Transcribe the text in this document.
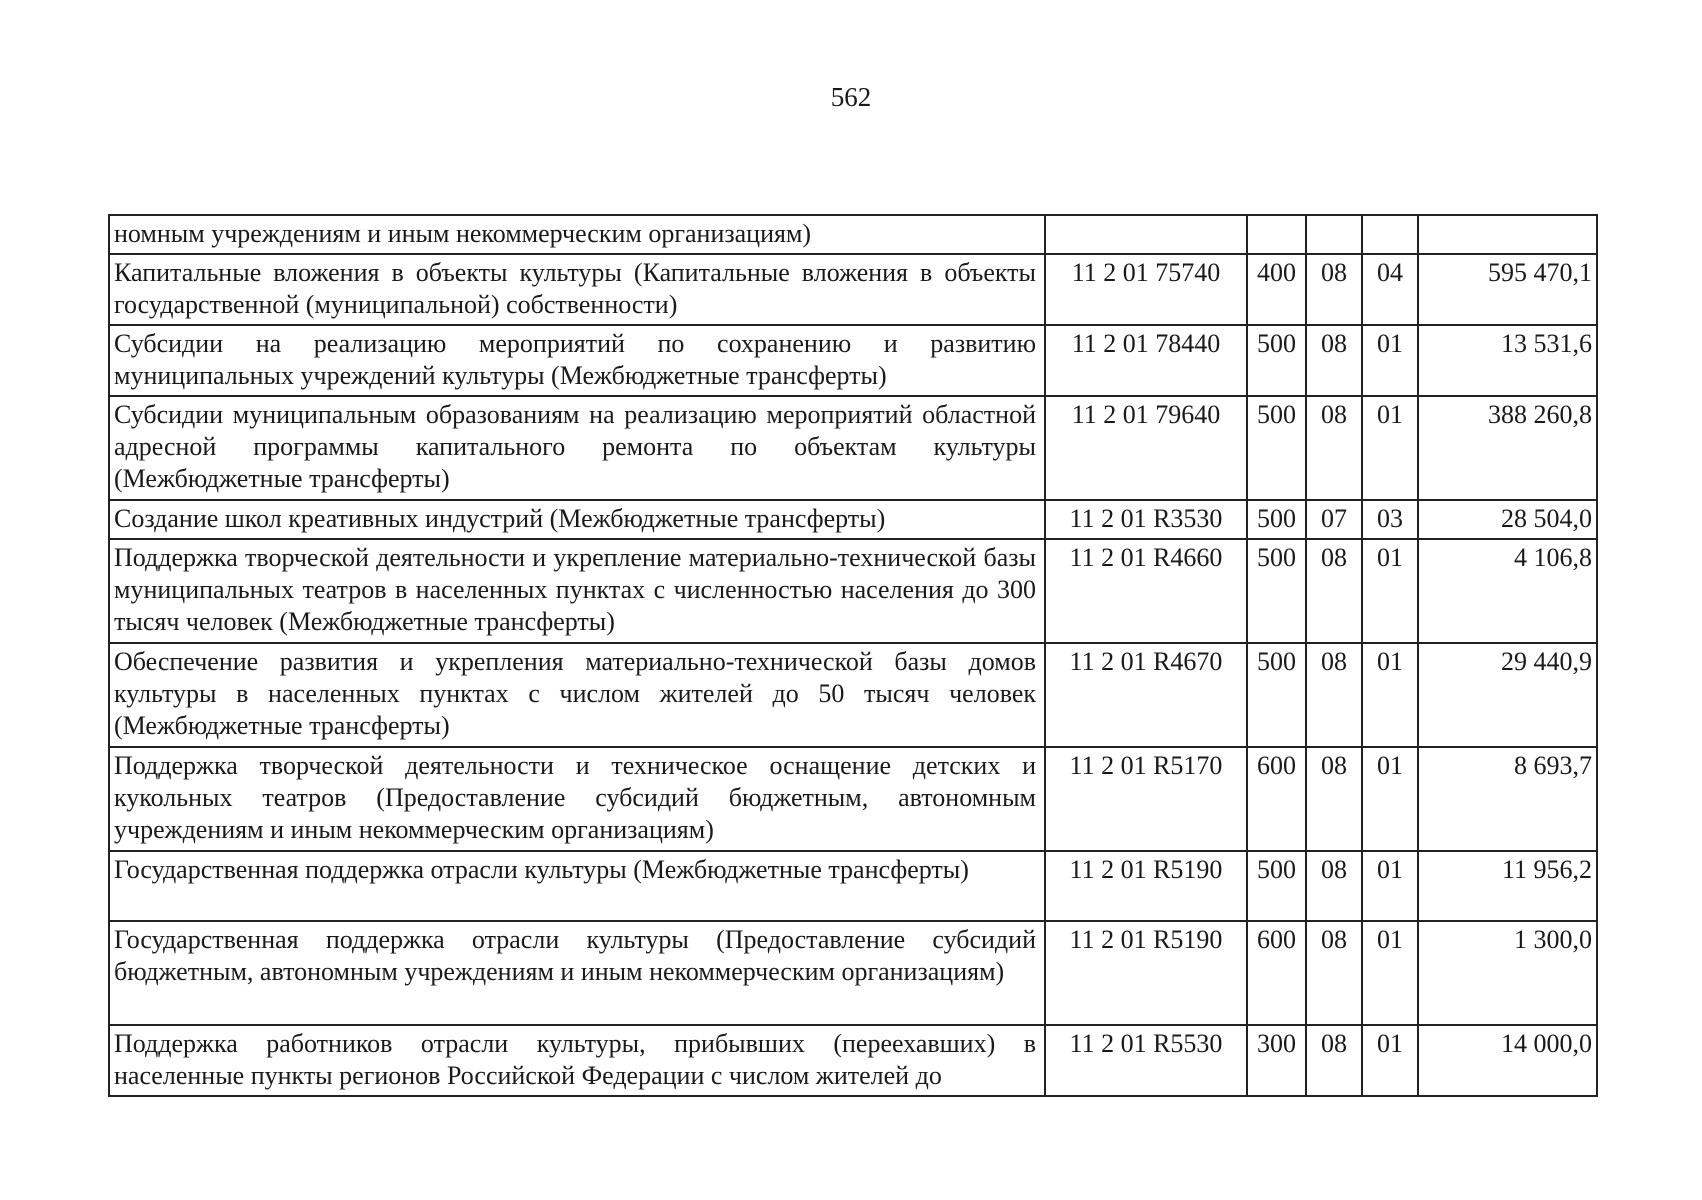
562
номным учреждениям и иным некоммерческим организациям)					
Капитальные вложения в объекты культуры (Капитальные вложения в объекты государственной (муниципальной) собственности)	11 2 01 75740	400	08	04	595 470,1
Субсидии на реализацию мероприятий по сохранению и развитию муниципальных учреждений культуры (Межбюджетные трансферты)	11 2 01 78440	500	08	01	13 531,6
Субсидии муниципальным образованиям на реализацию мероприятий областной адресной программы капитального ремонта по объектам культуры (Межбюджетные трансферты)	11 2 01 79640	500	08	01	388 260,8
Создание школ креативных индустрий (Межбюджетные трансферты)	11 2 01 R3530	500	07	03	28 504,0
Поддержка творческой деятельности и укрепление материально-технической базы муниципальных театров в населенных пунктах с численностью населения до 300 тысяч человек (Межбюджетные трансферты)	11 2 01 R4660	500	08	01	4 106,8
Обеспечение развития и укрепления материально-технической базы домов культуры в населенных пунктах с числом жителей до 50 тысяч человек (Межбюджетные трансферты)	11 2 01 R4670	500	08	01	29 440,9
Поддержка творческой деятельности и техническое оснащение детских и кукольных театров (Предоставление субсидий бюджетным, автономным учреждениям и иным некоммерческим организациям)	11 2 01 R5170	600	08	01	8 693,7
Государственная поддержка отрасли культуры (Межбюджетные трансферты)	11 2 01 R5190	500	08	01	11 956,2
Государственная поддержка отрасли культуры (Предоставление субсидий бюджетным, автономным учреждениям и иным некоммерческим организациям)	11 2 01 R5190	600	08	01	1 300,0
Поддержка работников отрасли культуры, прибывших (переехавших) в населенные пункты регионов Российской Федерации с числом жителей до	11 2 01 R5530	300	08	01	14 000,0
